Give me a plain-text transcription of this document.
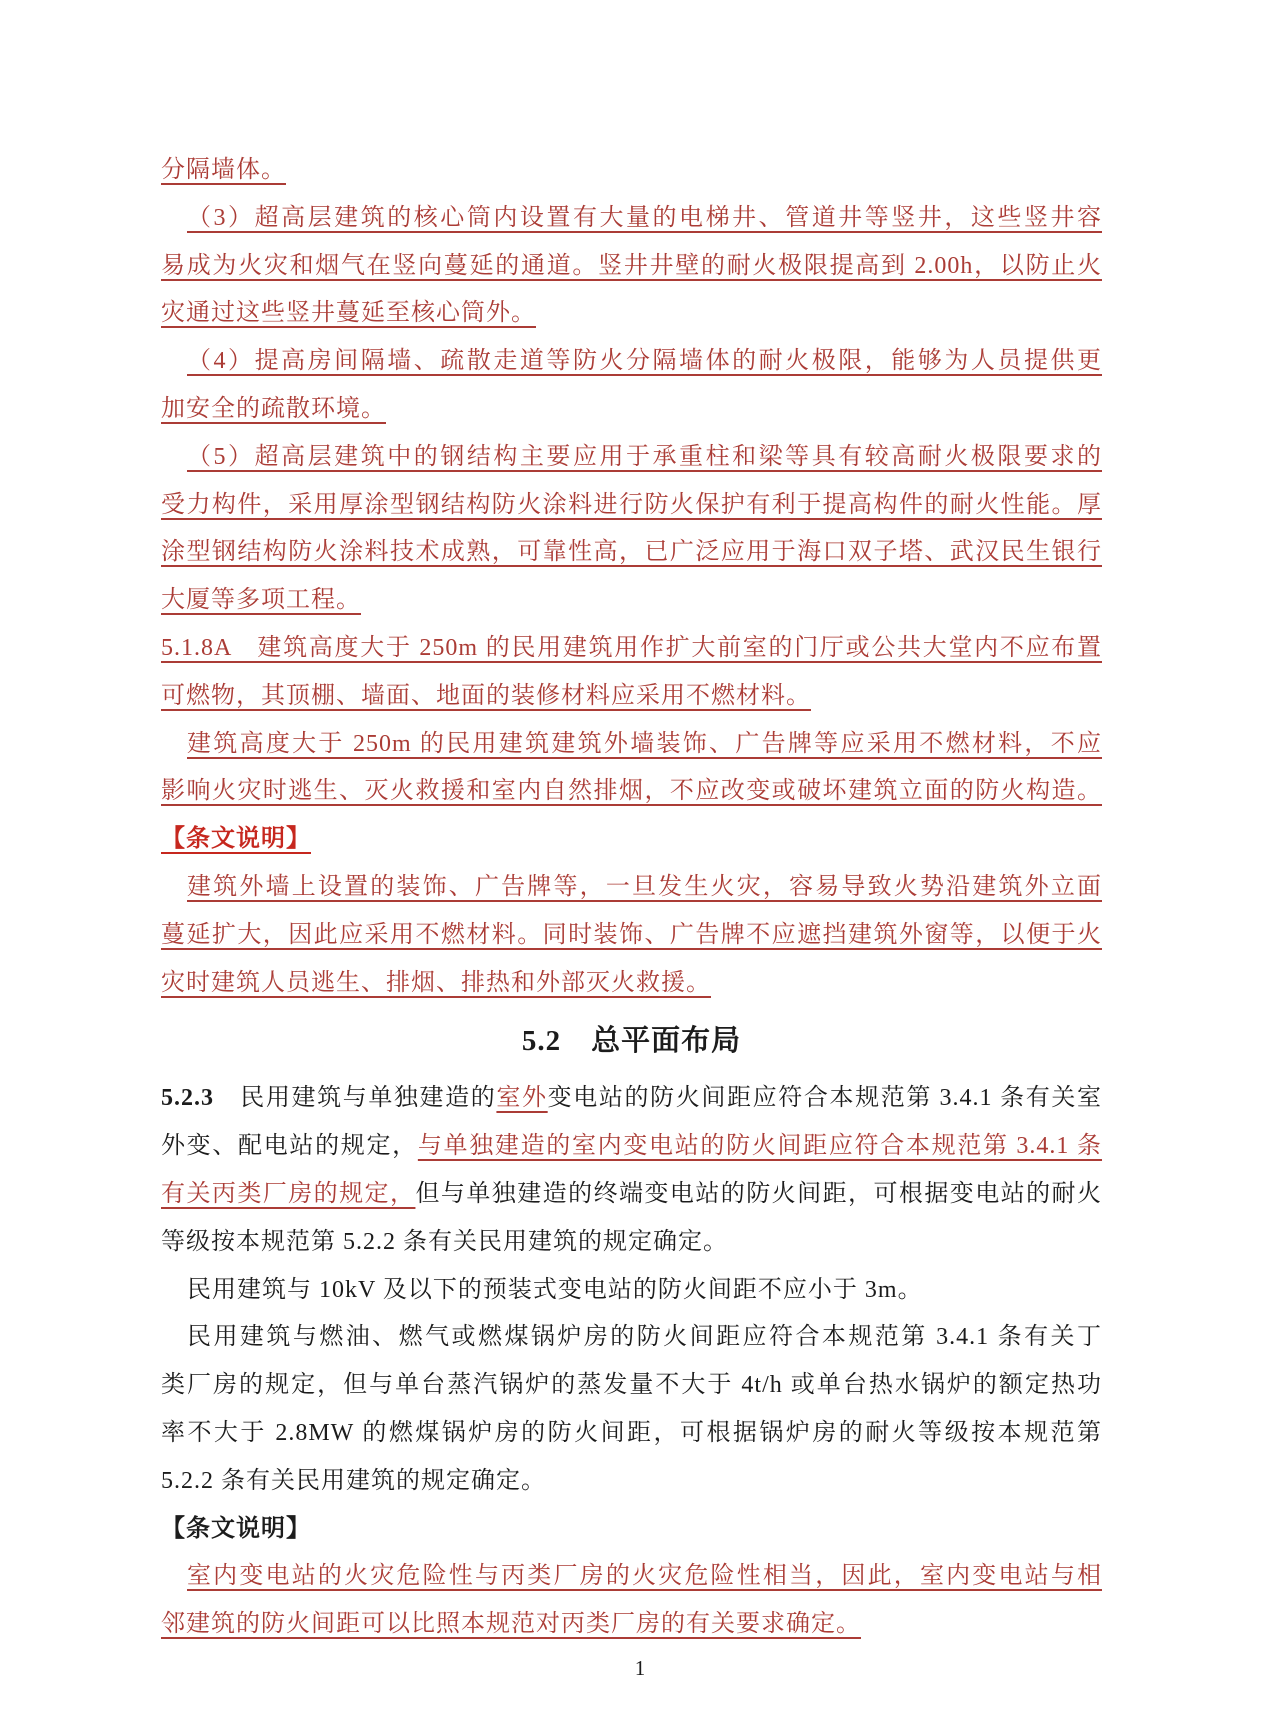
分隔墙体。
（3）超高层建筑的核心筒内设置有大量的电梯井、管道井等竖井，这些竖井容
易成为火灾和烟气在竖向蔓延的通道。竖井井壁的耐火极限提高到 2.00h，以防止火
灾通过这些竖井蔓延至核心筒外。
（4）提高房间隔墙、疏散走道等防火分隔墙体的耐火极限，能够为人员提供更
加安全的疏散环境。
（5）超高层建筑中的钢结构主要应用于承重柱和梁等具有较高耐火极限要求的
受力构件，采用厚涂型钢结构防火涂料进行防火保护有利于提高构件的耐火性能。厚
涂型钢结构防火涂料技术成熟，可靠性高，已广泛应用于海口双子塔、武汉民生银行
大厦等多项工程。
5.1.8A　建筑高度大于 250m 的民用建筑用作扩大前室的门厅或公共大堂内不应布置
可燃物，其顶棚、墙面、地面的装修材料应采用不燃材料。
建筑高度大于 250m 的民用建筑建筑外墙装饰、广告牌等应采用不燃材料，不应
影响火灾时逃生、灭火救援和室内自然排烟，不应改变或破坏建筑立面的防火构造。
【条文说明】
建筑外墙上设置的装饰、广告牌等，一旦发生火灾，容易导致火势沿建筑外立面
蔓延扩大，因此应采用不燃材料。同时装饰、广告牌不应遮挡建筑外窗等，以便于火
灾时建筑人员逃生、排烟、排热和外部灭火救援。
5.2　总平面布局
5.2.3　民用建筑与单独建造的室外变电站的防火间距应符合本规范第 3.4.1 条有关室
外变、配电站的规定，与单独建造的室内变电站的防火间距应符合本规范第 3.4.1 条
有关丙类厂房的规定，但与单独建造的终端变电站的防火间距，可根据变电站的耐火
等级按本规范第 5.2.2 条有关民用建筑的规定确定。
民用建筑与 10kV 及以下的预装式变电站的防火间距不应小于 3m。
民用建筑与燃油、燃气或燃煤锅炉房的防火间距应符合本规范第 3.4.1 条有关丁
类厂房的规定，但与单台蒸汽锅炉的蒸发量不大于 4t/h 或单台热水锅炉的额定热功
率不大于 2.8MW 的燃煤锅炉房的防火间距，可根据锅炉房的耐火等级按本规范第
5.2.2 条有关民用建筑的规定确定。
【条文说明】
室内变电站的火灾危险性与丙类厂房的火灾危险性相当，因此，室内变电站与相
邻建筑的防火间距可以比照本规范对丙类厂房的有关要求确定。
1
